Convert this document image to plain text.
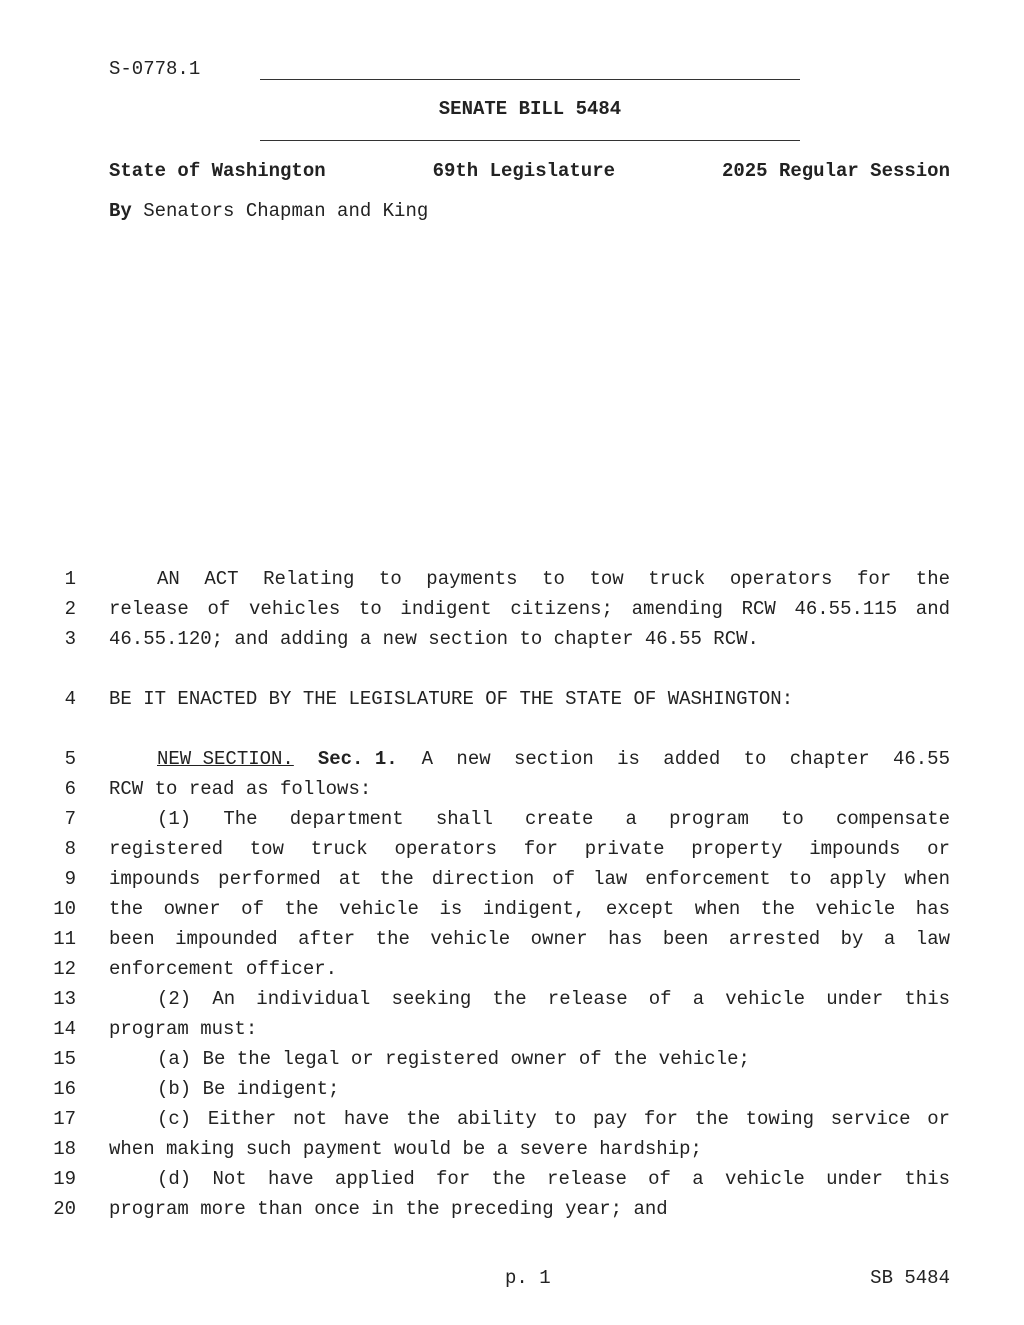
S-0778.1
SENATE BILL 5484
State of Washington	69th Legislature	2025 Regular Session
By Senators Chapman and King
1	AN ACT Relating to payments to tow truck operators for the
2 release of vehicles to indigent citizens; amending RCW 46.55.115 and
3 46.55.120; and adding a new section to chapter 46.55 RCW.
4 BE IT ENACTED BY THE LEGISLATURE OF THE STATE OF WASHINGTON:
5	NEW SECTION. Sec. 1. A new section is added to chapter 46.55
6 RCW to read as follows:
7	(1) The department shall create a program to compensate
8 registered tow truck operators for private property impounds or
9 impounds performed at the direction of law enforcement to apply when
10 the owner of the vehicle is indigent, except when the vehicle has
11 been impounded after the vehicle owner has been arrested by a law
12 enforcement officer.
13	(2) An individual seeking the release of a vehicle under this
14 program must:
15	(a) Be the legal or registered owner of the vehicle;
16	(b) Be indigent;
17	(c) Either not have the ability to pay for the towing service or
18 when making such payment would be a severe hardship;
19	(d) Not have applied for the release of a vehicle under this
20 program more than once in the preceding year; and
p. 1	SB 5484
